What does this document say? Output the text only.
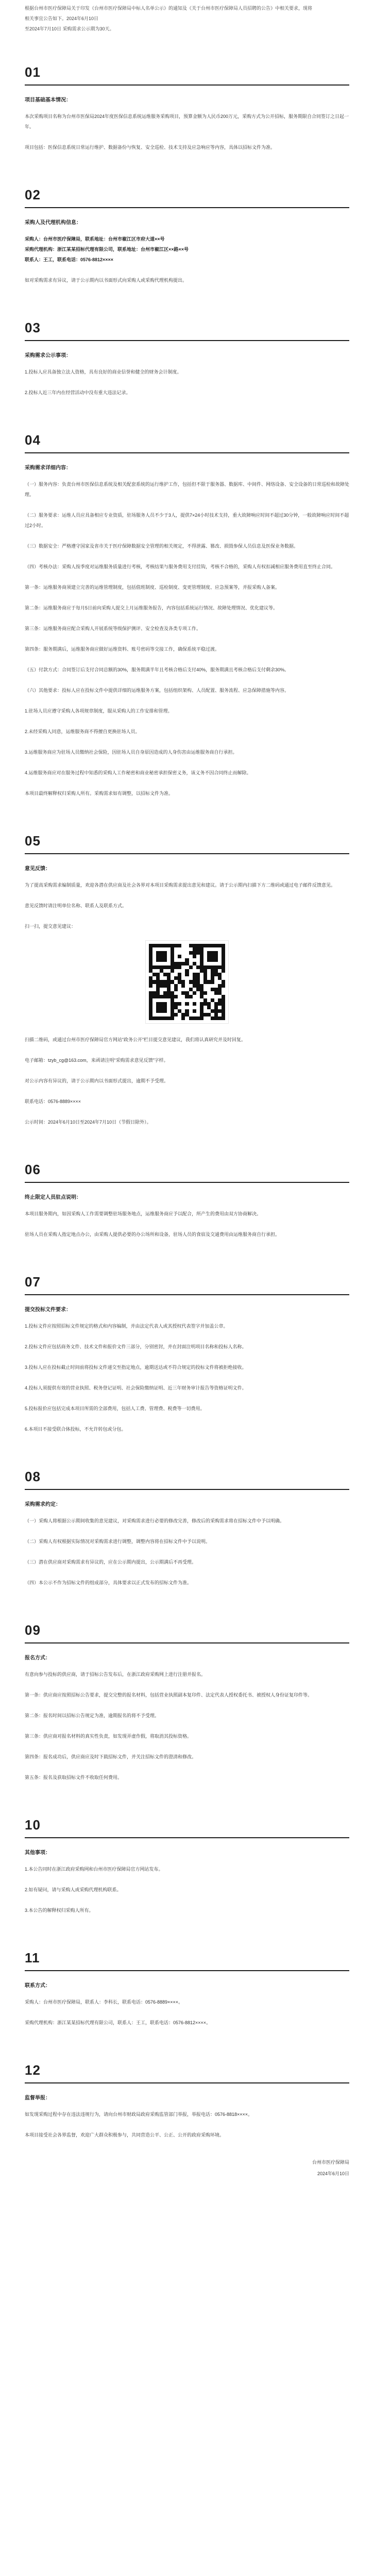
根据台州市医疗保障局关于印发《台州市医疗保障局中标人名单公示》的通知及《关于台州市医疗保障局人员招聘的公告》中相关要求，现将
相关事宜公告如下。2024年6月10日
至2024年7月10日 采购需求公示期为30天。
01
项目基础基本情况：
本次采购项目名称为台州市医保局2024年度医保信息系统运维服务采购项目，预算金额为人民币200万元，采购方式为公开招标，服务期限自合同签订之日起一年。
项目包括：医保信息系统日常运行维护、数据备份与恢复、安全巡检、技术支持及应急响应等内容，具体以招标文件为准。
02
采购人及代理机构信息：
采购人：台州市医疗保障局，联系地址：台州市椒江区市府大道××号
采购代理机构：浙江某某招标代理有限公司，联系地址：台州市椒江区××路××号
联系人：王工，联系电话：0576-8812××××
如对采购需求有异议，请于公示期内以书面形式向采购人或采购代理机构提出。
03
采购需求公示事项：
1.投标人应具备独立法人资格，具有良好的商业信誉和健全的财务会计制度。
2.投标人近三年内在经营活动中没有重大违法记录。
04
采购需求详细内容：
（一）服务内容：负责台州市医保信息系统及相关配套系统的运行维护工作，包括但不限于服务器、数据库、中间件、网络设备、安全设备的日常巡检和故障处理。
（二）服务要求：运维人员应具备相应专业资质，驻场服务人员不少于3人，提供7×24小时技术支持，重大故障响应时间不超过30分钟，一般故障响应时间不超过2小时。
（三）数据安全：严格遵守国家及省市关于医疗保障数据安全管理的相关规定，不得泄露、篡改、损毁参保人员信息及医保业务数据。
（四）考核办法：采购人按季度对运维服务质量进行考核，考核结果与服务费用支付挂钩，考核不合格的，采购人有权扣减相应服务费用直至终止合同。
第一条：运维服务商须建立完善的运维管理制度，包括值班制度、巡检制度、变更管理制度、应急预案等，并报采购人备案。
第二条：运维服务商应于每月5日前向采购人提交上月运维服务报告，内容包括系统运行情况、故障处理情况、优化建议等。
第三条：运维服务商应配合采购人开展系统等级保护测评、安全检查及各类专项工作。
第四条：服务期满后，运维服务商应做好运维资料、账号密码等交接工作，确保系统平稳过渡。
（五）付款方式：合同签订后支付合同总额的30%，服务期满半年且考核合格后支付40%，服务期满且考核合格后支付剩余30%。
（六）其他要求：投标人应在投标文件中提供详细的运维服务方案，包括组织架构、人员配置、服务流程、应急保障措施等内容。
1.驻场人员应遵守采购人各项规章制度，服从采购人的工作安排和管理。
2.未经采购人同意，运维服务商不得擅自更换驻场人员。
3.运维服务商应为驻场人员缴纳社会保险，因驻场人员自身原因造成的人身伤害由运维服务商自行承担。
4.运维服务商应对在服务过程中知悉的采购人工作秘密和商业秘密承担保密义务，该义务不因合同终止而解除。
本项目最终解释权归采购人所有。采购需求如有调整，以招标文件为准。
05
意见反馈：
为了提高采购需求编制质量，欢迎各潜在供应商及社会各界对本项目采购需求提出意见和建议。请于公示期内扫描下方二维码或通过电子邮件反馈意见。
意见反馈时请注明单位名称、联系人及联系方式。
扫一扫，提交意见建议：
扫描二维码，或通过台州市医疗保障局官方网站“政务公开”栏目提交意见建议，我们将认真研究并及时回复。
电子邮箱：tzyb_cg@163.com，来函请注明“采购需求意见反馈”字样。
对公示内容有异议的，请于公示期内以书面形式提出，逾期不予受理。
联系电话：0576-8889××××
公示时间：2024年6月10日至2024年7月10日（节假日除外）。
06
终止限定人员驻点说明：
本项目服务期内，如因采购人工作需要调整驻场服务地点，运维服务商应予以配合，所产生的费用由双方协商解决。
驻场人员在采购人指定地点办公，由采购人提供必要的办公场所和设备，驻场人员的食宿及交通费用由运维服务商自行承担。
07
提交投标文件要求：
1.投标文件应按照招标文件规定的格式和内容编制，并由法定代表人或其授权代表签字并加盖公章。
2.投标文件应包括商务文件、技术文件和报价文件三部分，分别密封，并在封面注明项目名称和投标人名称。
3.投标人应在投标截止时间前将投标文件递交至指定地点，逾期送达或不符合规定的投标文件将被拒绝接收。
4.投标人须提供有效的营业执照、税务登记证明、社会保险缴纳证明、近三年财务审计报告等资格证明文件。
5.投标报价应包括完成本项目所需的全部费用，包括人工费、管理费、税费等一切费用。
6.本项目不接受联合体投标，不允许转包或分包。
08
采购需求约定：
（一）采购人将根据公示期间收集的意见建议，对采购需求进行必要的修改完善，修改后的采购需求将在招标文件中予以明确。
（二）采购人有权根据实际情况对采购需求进行调整，调整内容将在招标文件中予以说明。
（三）潜在供应商对采购需求有异议的，应在公示期内提出，公示期满后不再受理。
（四）本公示不作为招标文件的组成部分，具体要求以正式发布的招标文件为准。
09
报名方式：
有意向参与投标的供应商，请于招标公告发布后，在浙江政府采购网上进行注册并报名。
第一条：供应商应按照招标公告要求，提交完整的报名材料，包括营业执照副本复印件、法定代表人授权委托书、被授权人身份证复印件等。
第二条：报名时间以招标公告规定为准，逾期报名的将不予受理。
第三条：供应商对报名材料的真实性负责，如发现弄虚作假，将取消其投标资格。
第四条：报名成功后，供应商应及时下载招标文件，并关注招标文件的澄清和修改。
第五条：报名及获取招标文件不收取任何费用。
10
其他事项：
1.本公告同时在浙江政府采购网和台州市医疗保障局官方网站发布。
2.如有疑问，请与采购人或采购代理机构联系。
3.本公告的解释权归采购人所有。
11
联系方式：
采购人：台州市医疗保障局，联系人：李科长，联系电话：0576-8889××××。
采购代理机构：浙江某某招标代理有限公司，联系人：王工，联系电话：0576-8812××××。
12
监督举报：
如发现采购过程中存在违法违规行为，请向台州市财政局政府采购监管部门举报，举报电话：0576-8818××××。
本项目接受社会各界监督，欢迎广大群众积极参与，共同营造公平、公正、公开的政府采购环境。
台州市医疗保障局
2024年6月10日
